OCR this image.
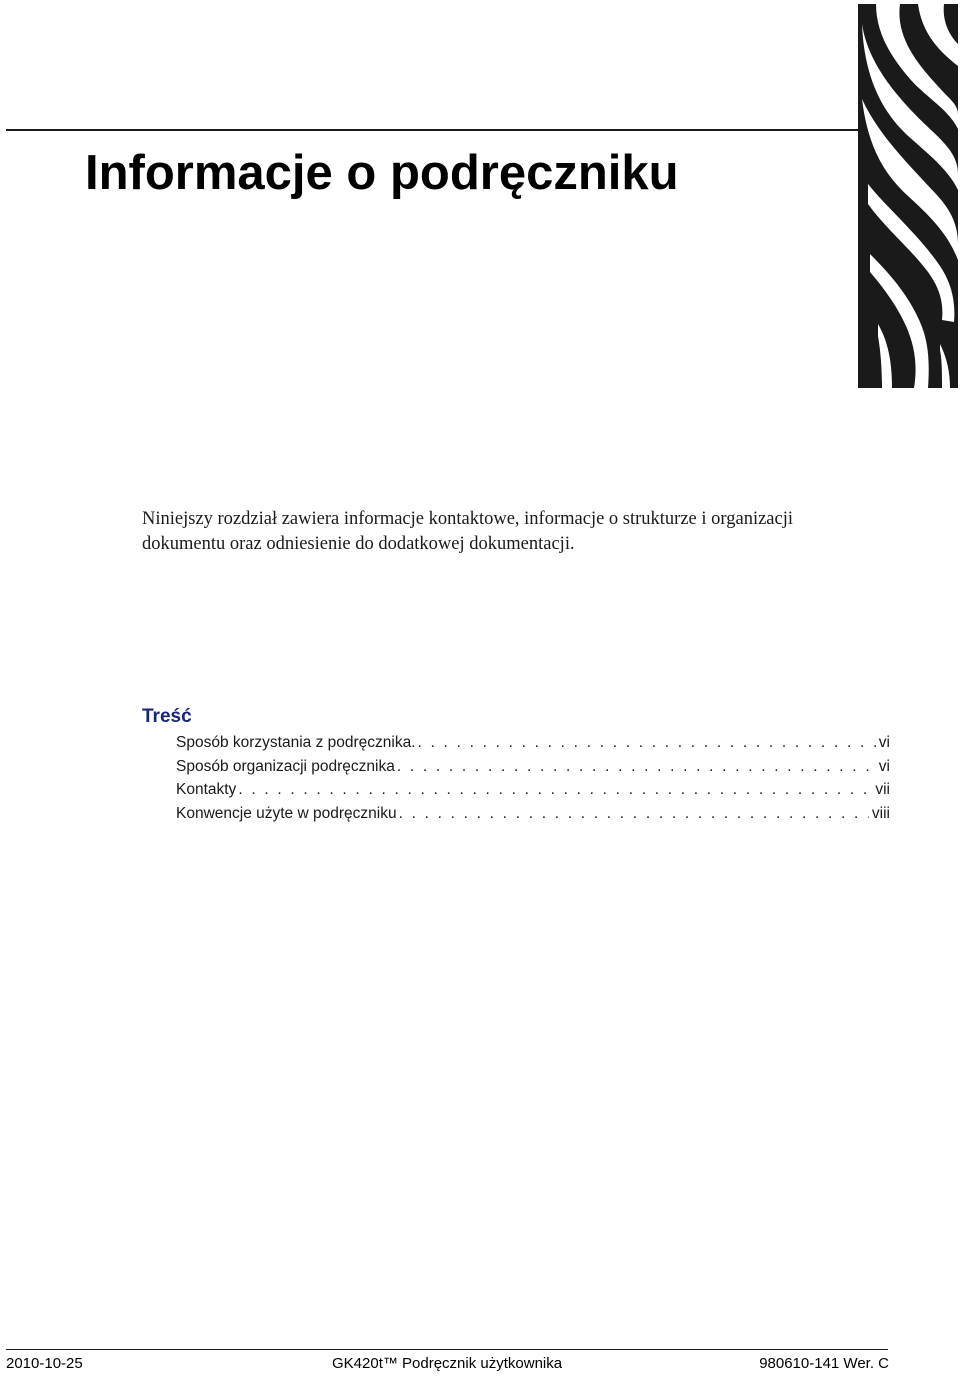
Informacje o podręczniku

Niniejszy rozdział zawiera informacje kontaktowe, informacje o strukturze i organizacji dokumentu oraz odniesienie do dodatkowej dokumentacji.

Treść
Sposób korzystania z podręcznika. . . .	vi
Sposób organizacji podręcznika . . .	vi
Kontakty . . .	vii
Konwencje użyte w podręczniku . . .	viii
2010-10-25	GK420t™ Podręcznik użytkownika	980610-141 Wer. C
